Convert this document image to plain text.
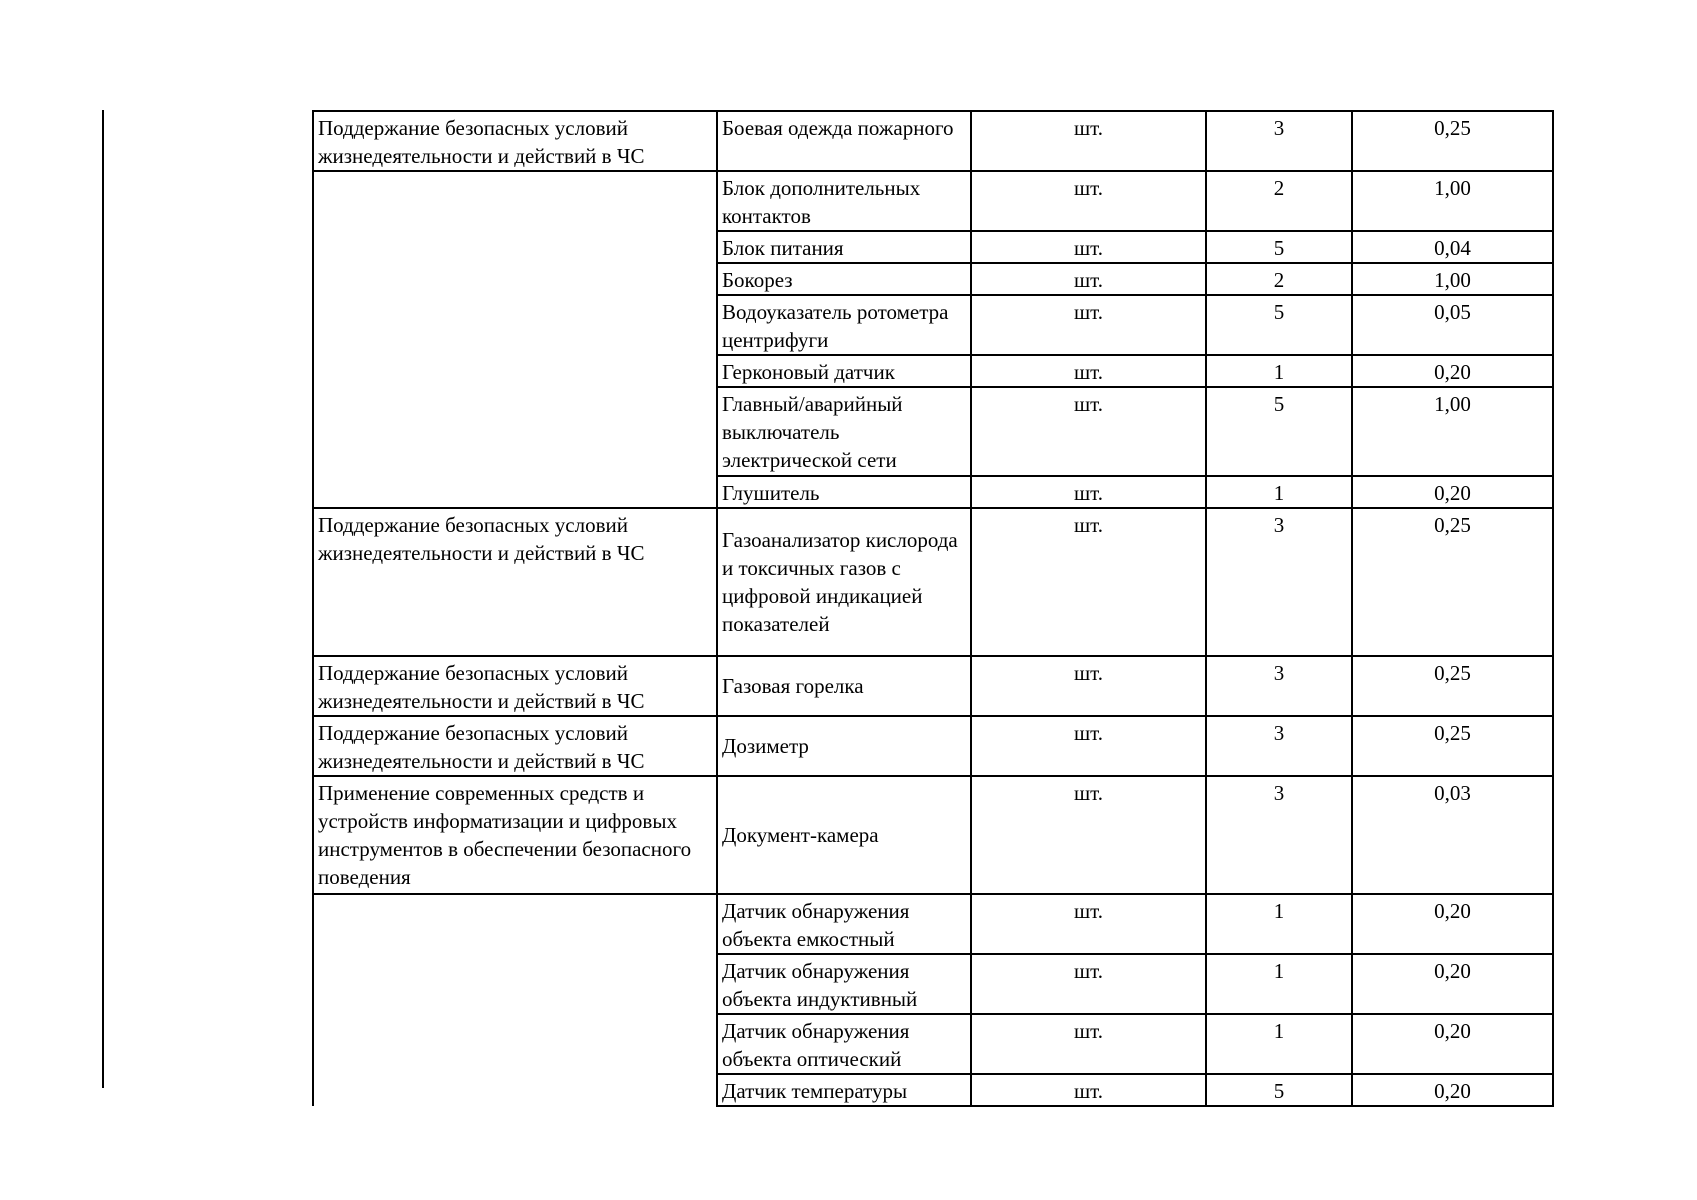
Поддержание безопасных условий жизнедеятельности и действий в ЧС	Боевая одежда пожарного	шт.	3	0,25
	Блок дополнительных контактов	шт.	2	1,00
	Блок питания	шт.	5	0,04
	Бокорез	шт.	2	1,00
	Водоуказатель ротометра центрифуги	шт.	5	0,05
	Герконовый датчик	шт.	1	0,20
	Главный/аварийный выключатель электрической сети	шт.	5	1,00
	Глушитель	шт.	1	0,20
Поддержание безопасных условий жизнедеятельности и действий в ЧС	Газоанализатор кислорода и токсичных газов с цифровой индикацией показателей	шт.	3	0,25
Поддержание безопасных условий жизнедеятельности и действий в ЧС	Газовая горелка	шт.	3	0,25
Поддержание безопасных условий жизнедеятельности и действий в ЧС	Дозиметр	шт.	3	0,25
Применение современных средств и устройств информатизации и цифровых инструментов в обеспечении безопасного поведения	Документ-камера	шт.	3	0,03
	Датчик обнаружения объекта емкостный	шт.	1	0,20
	Датчик обнаружения объекта индуктивный	шт.	1	0,20
	Датчик обнаружения объекта оптический	шт.	1	0,20
	Датчик температуры	шт.	5	0,20
